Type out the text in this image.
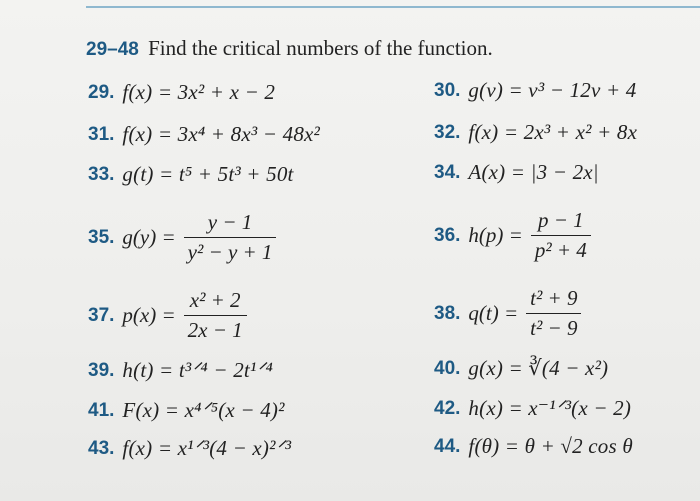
29–48 Find the critical numbers of the function.
29. f(x) = 3x² + x − 2
31. f(x) = 3x⁴ + 8x³ − 48x²
33. g(t) = t⁵ + 5t³ + 50t
35. $g(y) = \frac{y - 1}{\text{y² − y + 1}}$
37. $p(x) = \frac{\text{x² + 2}}{2x - 1}$
39. h(t) = t³ᐟ⁴ − 2t¹ᐟ⁴
41. F(x) = x⁴ᐟ⁵(x − 4)²
43. f(x) = x¹ᐟ³(4 − x)²ᐟ³
30. g(v) = v³ − 12v + 4
32. f(x) = 2x³ + x² + 8x
34. A(x) = |3 − 2x|
36. $h(p) = \frac{p - 1}{\text{p² + 4}}$
38. $q(t) = \frac{\text{t² + 9}}{\text{t² − 9}}$
40. g(x) = ∛(4 − x²)
42. h(x) = x⁻¹ᐟ³(x − 2)
44. f(θ) = θ + √2 cos θ
